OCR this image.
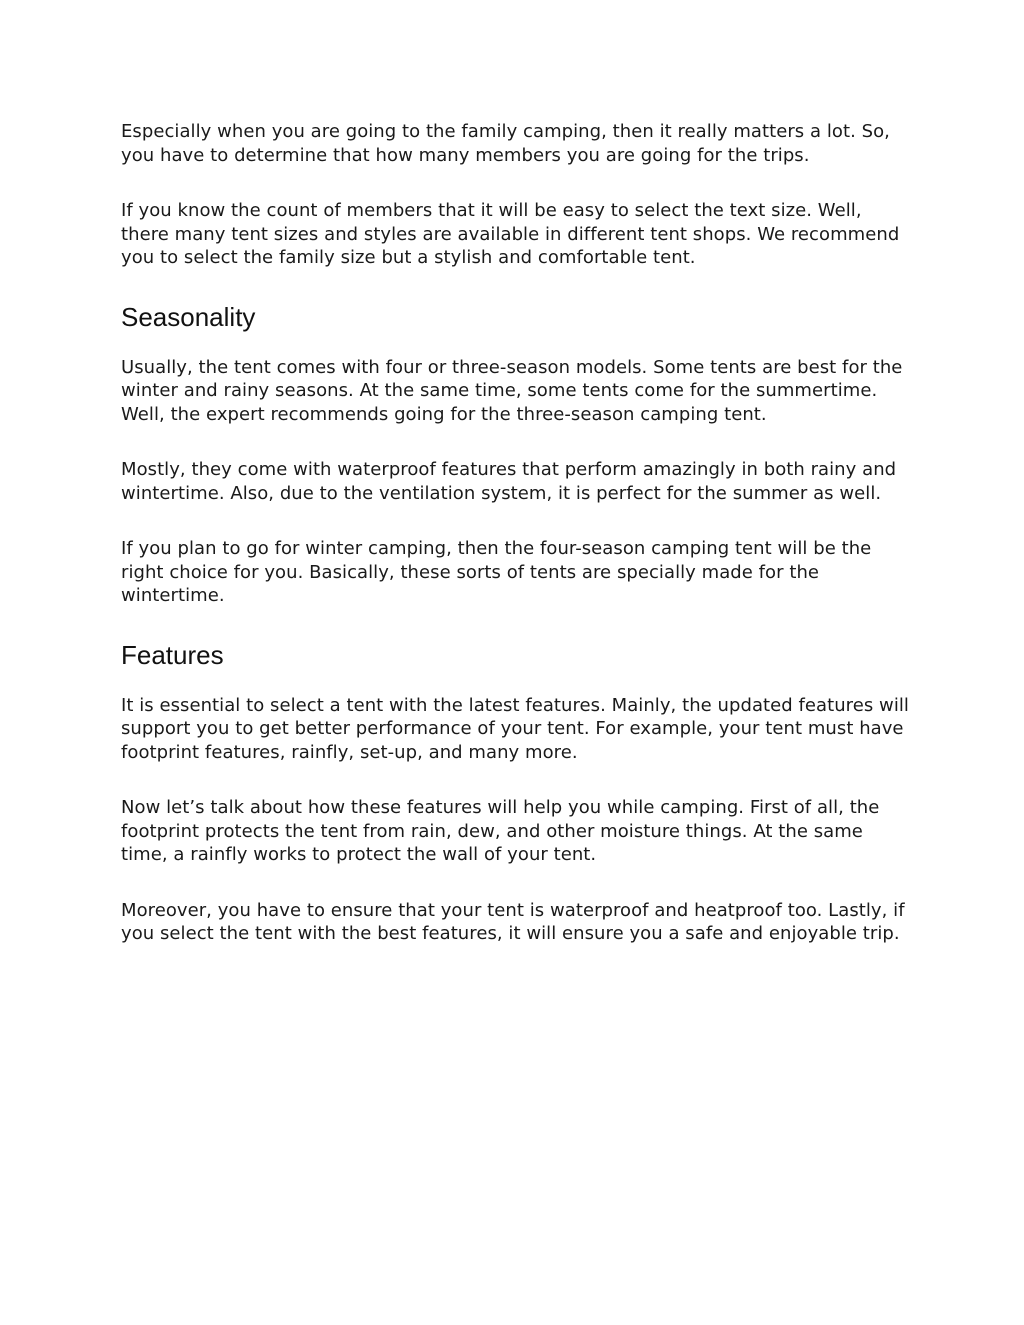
Especially when you are going to the family camping, then it really matters a lot. So, you have to determine that how many members you are going for the trips.

If you know the count of members that it will be easy to select the text size. Well, there many tent sizes and styles are available in different tent shops. We recommend you to select the family size but a stylish and comfortable tent.

Seasonality

Usually, the tent comes with four or three-season models. Some tents are best for the winter and rainy seasons. At the same time, some tents come for the summertime. Well, the expert recommends going for the three-season camping tent.

Mostly, they come with waterproof features that perform amazingly in both rainy and wintertime. Also, due to the ventilation system, it is perfect for the summer as well.

If you plan to go for winter camping, then the four-season camping tent will be the right choice for you. Basically, these sorts of tents are specially made for the wintertime.

Features

It is essential to select a tent with the latest features. Mainly, the updated features will support you to get better performance of your tent. For example, your tent must have footprint features, rainfly, set-up, and many more.

Now let’s talk about how these features will help you while camping. First of all, the footprint protects the tent from rain, dew, and other moisture things. At the same time, a rainfly works to protect the wall of your tent.

Moreover, you have to ensure that your tent is waterproof and heatproof too. Lastly, if you select the tent with the best features, it will ensure you a safe and enjoyable trip.
